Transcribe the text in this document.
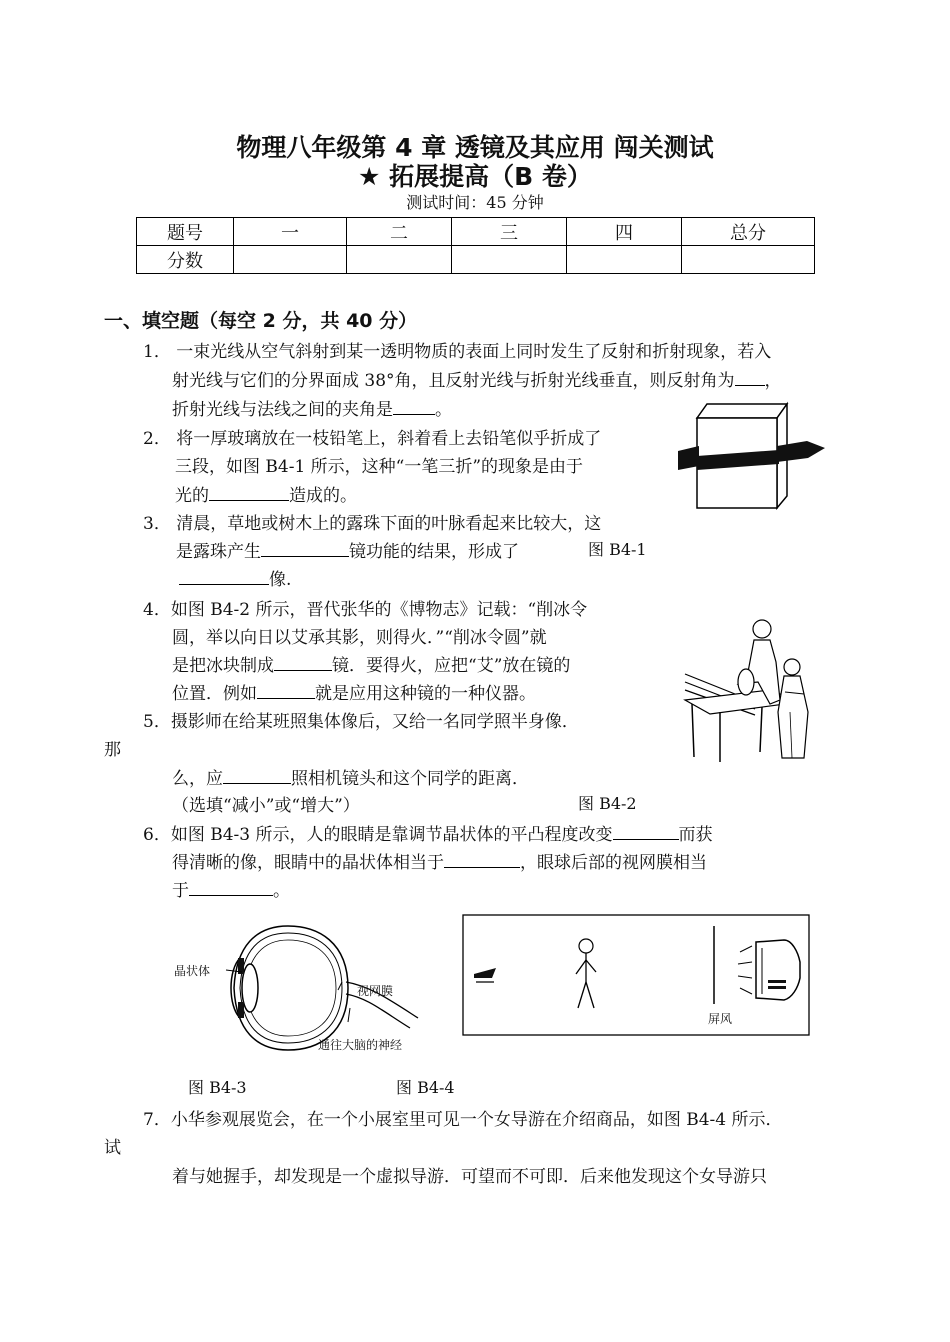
物理八年级第 4 章 透镜及其应用 闯关测试
★ 拓展提高（B 卷）
测试时间：45 分钟
题号	一	二	三	四	总分
分数					
一、填空题（每空 2 分，共 40 分）
1． 一束光线从空气斜射到某一透明物质的表面上同时发生了反射和折射现象，若入
射光线与它们的分界面成 38°角，且反射光线与折射光线垂直，则反射角为 ，
折射光线与法线之间的夹角是 。
2． 将一厚玻璃放在一枝铅笔上，斜着看上去铅笔似乎折成了
三段，如图 B4-1 所示，这种“一笔三折”的现象是由于
光的	造成的。
3． 清晨，草地或树木上的露珠下面的叶脉看起来比较大，这
是露珠产生	镜功能的结果，形成了
像.
图 B4-1
4．如图 B4-2 所示，晋代张华的《博物志》记载：“削冰令
圆，举以向日以艾承其影，则得火．”“削冰令圆”就
是把冰块制成	镜．要得火，应把“艾”放在镜的
位置．例如	就是应用这种镜的一种仪器。
5．摄影师在给某班照集体像后，又给一名同学照半身像．
那
么，应	照相机镜头和这个同学的距离．
（选填“减小”或“增大”）	图 B4-2
6．如图 B4-3 所示，人的眼睛是靠调节晶状体的平凸程度改变	而获
得清晰的像，眼睛中的晶状体相当于	，眼球后部的视网膜相当
于	。
晶状体
视网膜
通往大脑的神经
屏风
图 B4-3	图 B4-4
7．小华参观展览会，在一个小展室里可见一个女导游在介绍商品，如图 B4-4 所示．
试
着与她握手，却发现是一个虚拟导游．可望而不可即．后来他发现这个女导游只
